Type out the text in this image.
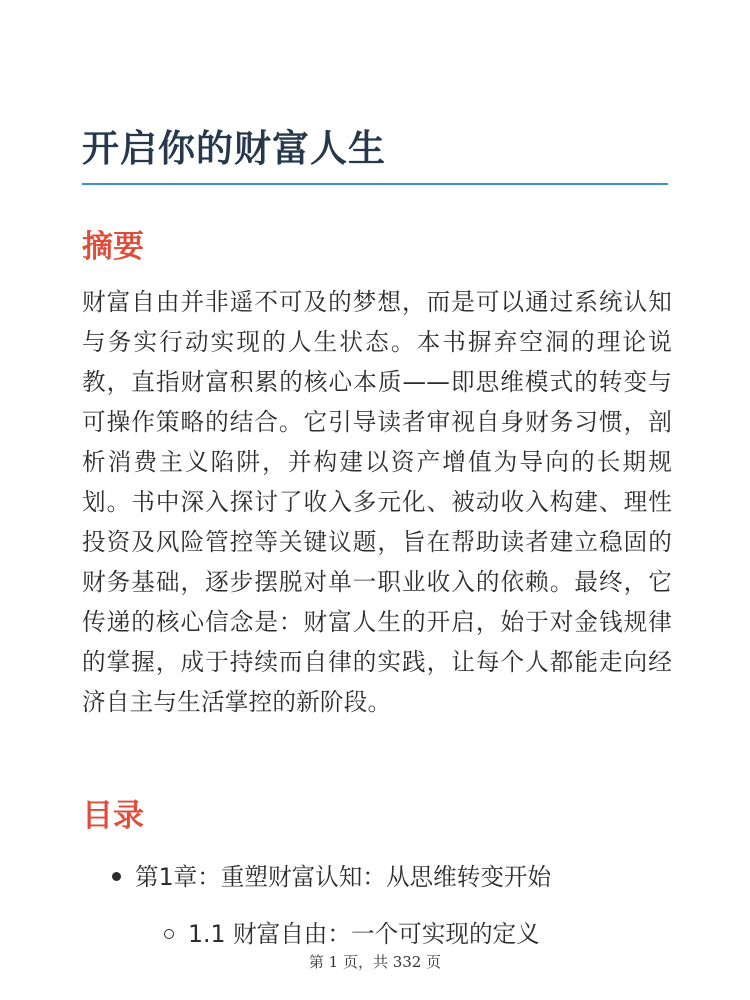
开启你的财富人生
摘要

财富自由并非遥不可及的梦想，而是可以通过系统认知与务实行动实现的人生状态。本书摒弃空洞的理论说教，直指财富积累的核心本质——即思维模式的转变与可操作策略的结合。它引导读者审视自身财务习惯，剖析消费主义陷阱，并构建以资产增值为导向的长期规划。书中深入探讨了收入多元化、被动收入构建、理性投资及风险管控等关键议题，旨在帮助读者建立稳固的财务基础，逐步摆脱对单一职业收入的依赖。最终，它传递的核心信念是：财富人生的开启，始于对金钱规律的掌握，成于持续而自律的实践，让每个人都能走向经济自主与生活掌控的新阶段。

目录
第1章：重塑财富认知：从思维转变开始
1.1 财富自由：一个可实现的定义
第 1 页，共 332 页
